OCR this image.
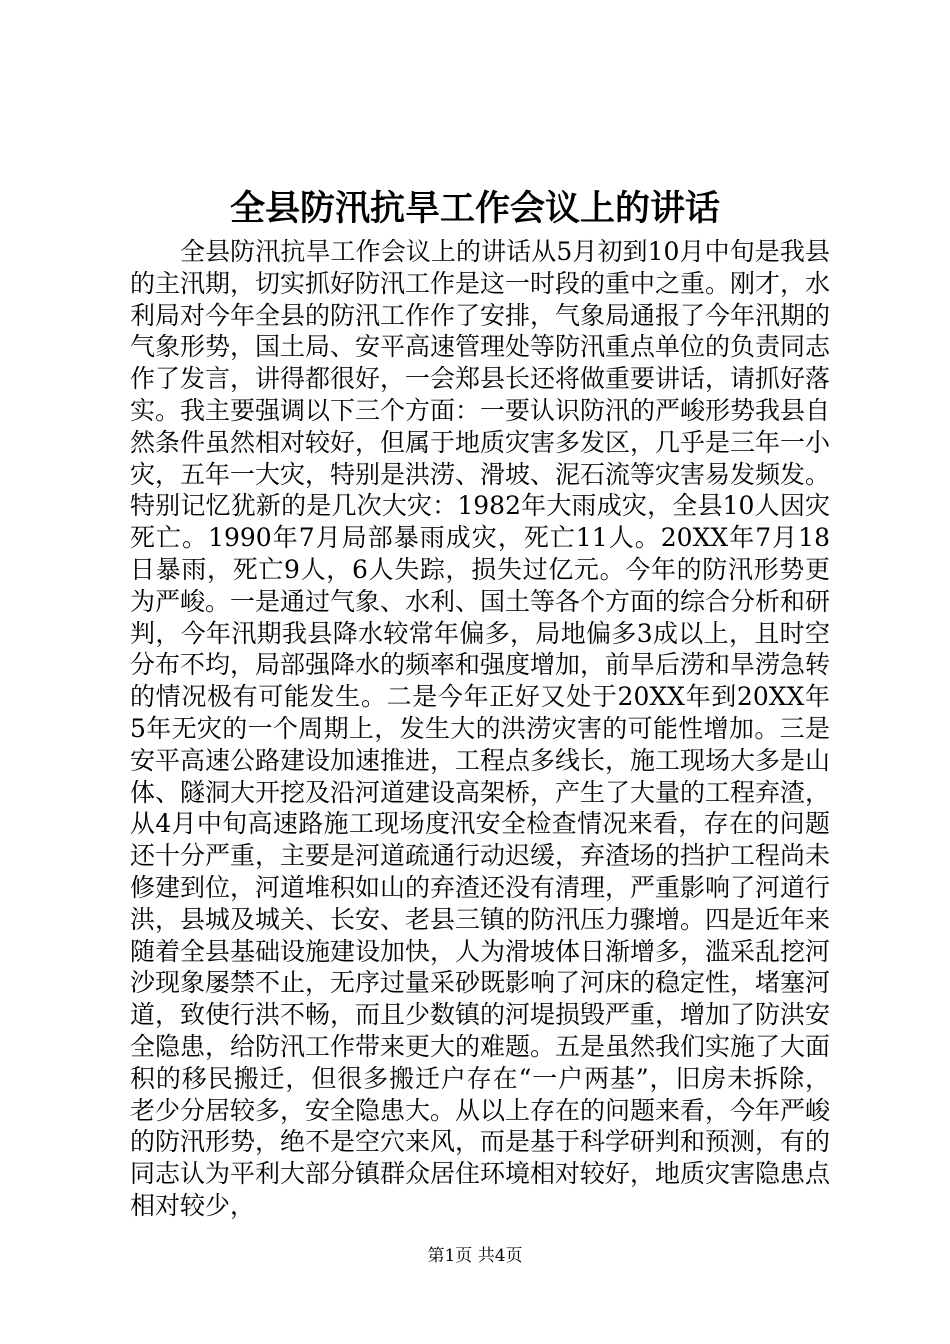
全县防汛抗旱工作会议上的讲话

全县防汛抗旱工作会议上的讲话从5月初到10月中旬是我县的主汛期，切实抓好防汛工作是这一时段的重中之重。刚才，水利局对今年全县的防汛工作作了安排，气象局通报了今年汛期的气象形势，国土局、安平高速管理处等防汛重点单位的负责同志作了发言，讲得都很好，一会郑县长还将做重要讲话，请抓好落实。我主要强调以下三个方面：一要认识防汛的严峻形势我县自然条件虽然相对较好，但属于地质灾害多发区，几乎是三年一小灾，五年一大灾，特别是洪涝、滑坡、泥石流等灾害易发频发。特别记忆犹新的是几次大灾：1982年大雨成灾，全县10人因灾死亡。1990年7月局部暴雨成灾，死亡11人。20XX年7月18日暴雨，死亡9人，6人失踪，损失过亿元。今年的防汛形势更为严峻。一是通过气象、水利、国土等各个方面的综合分析和研判，今年汛期我县降水较常年偏多，局地偏多3成以上，且时空分布不均，局部强降水的频率和强度增加，前旱后涝和旱涝急转的情况极有可能发生。二是今年正好又处于20XX年到20XX年5年无灾的一个周期上，发生大的洪涝灾害的可能性增加。三是安平高速公路建设加速推进，工程点多线长，施工现场大多是山体、隧洞大开挖及沿河道建设高架桥，产生了大量的工程弃渣，从4月中旬高速路施工现场度汛安全检查情况来看，存在的问题还十分严重，主要是河道疏通行动迟缓，弃渣场的挡护工程尚未修建到位，河道堆积如山的弃渣还没有清理，严重影响了河道行洪，县城及城关、长安、老县三镇的防汛压力骤增。四是近年来随着全县基础设施建设加快，人为滑坡体日渐增多，滥采乱挖河沙现象屡禁不止，无序过量采砂既影响了河床的稳定性，堵塞河道，致使行洪不畅，而且少数镇的河堤损毁严重，增加了防洪安全隐患，给防汛工作带来更大的难题。五是虽然我们实施了大面积的移民搬迁，但很多搬迁户存在“一户两基”，旧房未拆除，老少分居较多，安全隐患大。从以上存在的问题来看，今年严峻的防汛形势，绝不是空穴来风，而是基于科学研判和预测，有的同志认为平利大部分镇群众居住环境相对较好，地质灾害隐患点相对较少，

第1页 共4页
